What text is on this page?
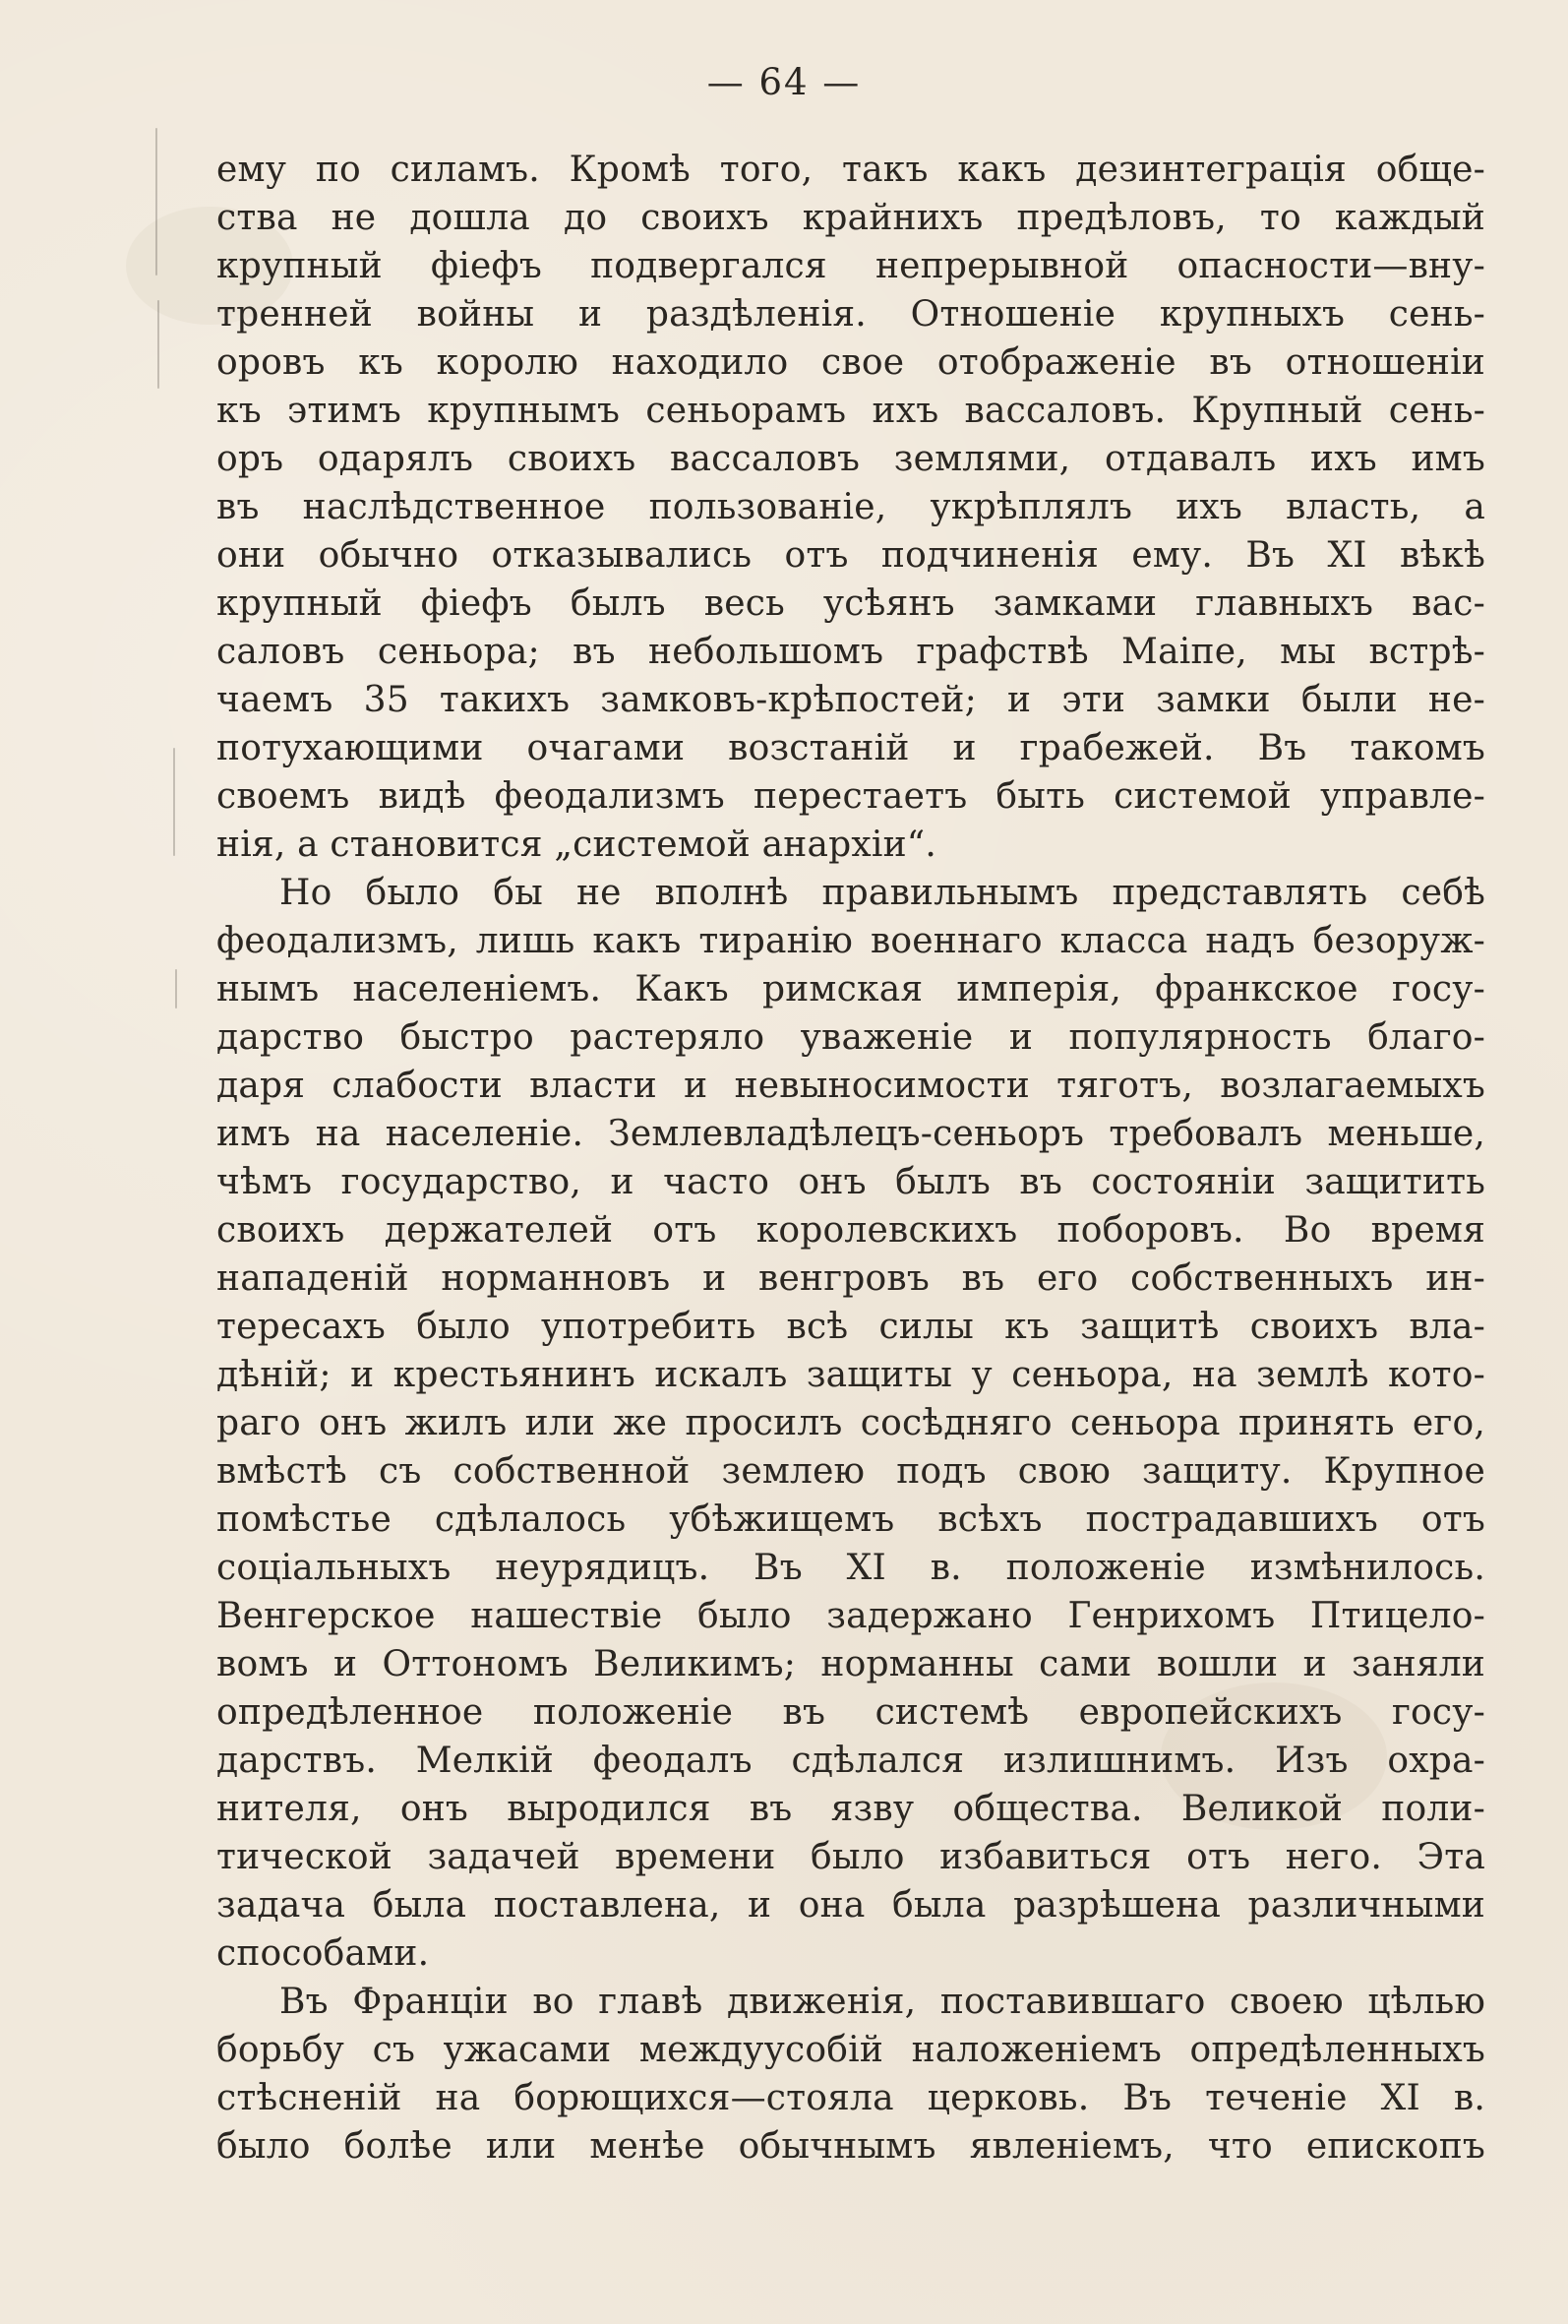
— 64 —
ему по силамъ. Кромѣ того, такъ какъ дезинтеграція обще-
ства не дошла до своихъ крайнихъ предѣловъ, то каждый
крупный фіефъ подвергался непрерывной опасности—вну-
тренней войны и раздѣленія. Отношеніе крупныхъ сень-
оровъ къ королю находило свое отображеніе въ отношеніи
къ этимъ крупнымъ сеньорамъ ихъ вассаловъ. Крупный сень-
оръ одарялъ своихъ вассаловъ землями, отдавалъ ихъ имъ
въ наслѣдственное пользованіе, укрѣплялъ ихъ власть, а
они обычно отказывались отъ подчиненія ему. Въ XI вѣкѣ
крупный фіефъ былъ весь усѣянъ замками главныхъ вас-
саловъ сеньора; въ небольшомъ графствѣ Маіпе, мы встрѣ-
чаемъ 35 такихъ замковъ-крѣпостей; и эти замки были не-
потухающими очагами возстаній и грабежей. Въ такомъ
своемъ видѣ феодализмъ перестаетъ быть системой управле-
нія, а становится „системой анархіи“.
Но было бы не вполнѣ правильнымъ представлять себѣ
феодализмъ, лишь какъ тиранію военнаго класса надъ безоруж-
нымъ населеніемъ. Какъ римская имперія, франкское госу-
дарство быстро растеряло уваженіе и популярность благо-
даря слабости власти и невыносимости тяготъ, возлагаемыхъ
имъ на населеніе. Землевладѣлецъ-сеньоръ требовалъ меньше,
чѣмъ государство, и часто онъ былъ въ состояніи защитить
своихъ держателей отъ королевскихъ поборовъ. Во время
нападеній норманновъ и венгровъ въ его собственныхъ ин-
тересахъ было употребить всѣ силы къ защитѣ своихъ вла-
дѣній; и крестьянинъ искалъ защиты у сеньора, на землѣ кото-
раго онъ жилъ или же просилъ сосѣдняго сеньора принять его,
вмѣстѣ съ собственной землею подъ свою защиту. Крупное
помѣстье сдѣлалось убѣжищемъ всѣхъ пострадавшихъ отъ
соціальныхъ неурядицъ. Въ XI в. положеніе измѣнилось.
Венгерское нашествіе было задержано Генрихомъ Птицело-
вомъ и Оттономъ Великимъ; норманны сами вошли и заняли
опредѣленное положеніе въ системѣ европейскихъ госу-
дарствъ. Мелкій феодалъ сдѣлался излишнимъ. Изъ охра-
нителя, онъ выродился въ язву общества. Великой поли-
тической задачей времени было избавиться отъ него. Эта
задача была поставлена, и она была разрѣшена различными
способами.
Въ Франціи во главѣ движенія, поставившаго своею цѣлью
борьбу съ ужасами междуусобій наложеніемъ опредѣленныхъ
стѣсненій на борющихся—стояла церковь. Въ теченіе XI в.
было болѣе или менѣе обычнымъ явленіемъ, что епископъ
